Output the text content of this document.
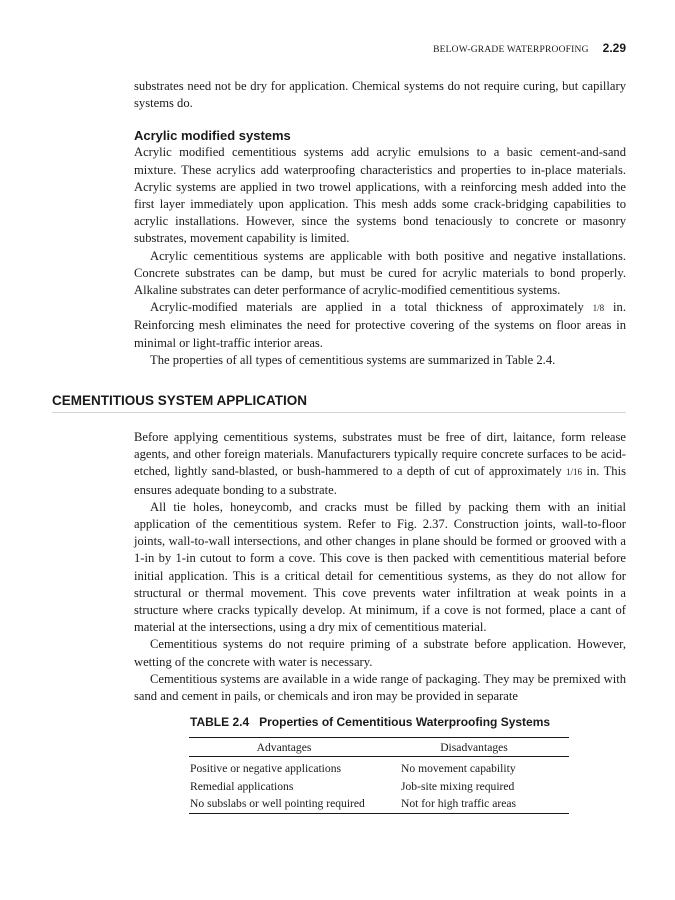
BELOW-GRADE WATERPROOFING 2.29

substrates need not be dry for application. Chemical systems do not require curing, but capillary systems do.

Acrylic modified systems

Acrylic modified cementitious systems add acrylic emulsions to a basic cement-and-sand mixture. These acrylics add waterproofing characteristics and properties to in-place materials. Acrylic systems are applied in two trowel applications, with a reinforcing mesh added into the first layer immediately upon application. This mesh adds some crack-bridging capabilities to acrylic installations. However, since the systems bond tenaciously to concrete or masonry substrates, movement capability is limited.

Acrylic cementitious systems are applicable with both positive and negative installations. Concrete substrates can be damp, but must be cured for acrylic materials to bond properly. Alkaline substrates can deter performance of acrylic-modified cementitious systems.

Acrylic-modified materials are applied in a total thickness of approximately 1/8 in. Reinforcing mesh eliminates the need for protective covering of the systems on floor areas in minimal or light-traffic interior areas.

The properties of all types of cementitious systems are summarized in Table 2.4.

CEMENTITIOUS SYSTEM APPLICATION

Before applying cementitious systems, substrates must be free of dirt, laitance, form release agents, and other foreign materials. Manufacturers typically require concrete surfaces to be acid-etched, lightly sand-blasted, or bush-hammered to a depth of cut of approximately 1/16 in. This ensures adequate bonding to a substrate.

All tie holes, honeycomb, and cracks must be filled by packing them with an initial application of the cementitious system. Refer to Fig. 2.37. Construction joints, wall-to-floor joints, wall-to-wall intersections, and other changes in plane should be formed or grooved with a 1-in by 1-in cutout to form a cove. This cove is then packed with cementitious material before initial application. This is a critical detail for cementitious systems, as they do not allow for structural or thermal movement. This cove prevents water infiltration at weak points in a structure where cracks typically develop. At minimum, if a cove is not formed, place a cant of material at the intersections, using a dry mix of cementitious material.

Cementitious systems do not require priming of a substrate before application. However, wetting of the concrete with water is necessary.

Cementitious systems are available in a wide range of packaging. They may be premixed with sand and cement in pails, or chemicals and iron may be provided in separate

TABLE 2.4   Properties of Cementitious Waterproofing Systems
Advantages	Disadvantages
Positive or negative applications	No movement capability
Remedial applications	Job-site mixing required
No subslabs or well pointing required	Not for high traffic areas
